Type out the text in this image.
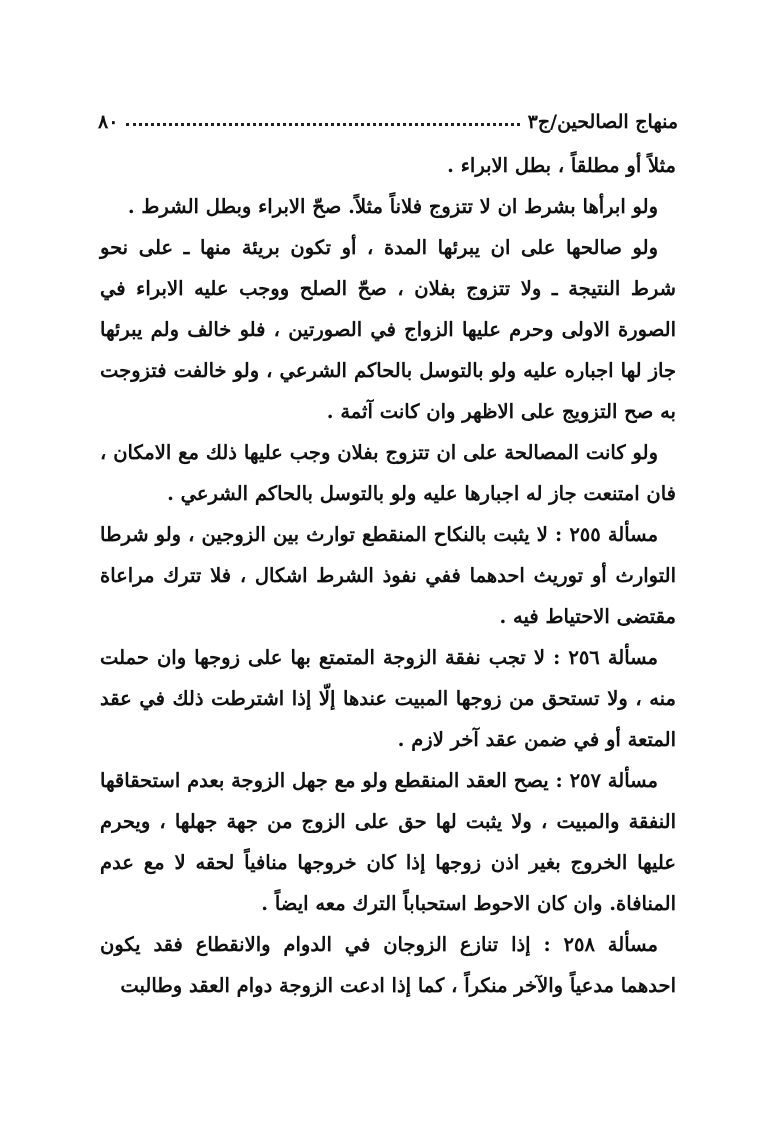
منهاج الصالحين/ج٣
٨٠

مثلاً أو مطلقاً ، بطل الابراء .

ولو ابرأها بشرط ان لا تتزوج فلاناً مثلاً. صحّ الابراء وبطل الشرط .

ولو صالحها على ان يبرئها المدة ، أو تكون بريئة منها ـ على نحو شرط النتيجة ـ ولا تتزوج بفلان ، صحّ الصلح ووجب عليه الابراء في الصورة الاولى وحرم عليها الزواج في الصورتين ، فلو خالف ولم يبرئها جاز لها اجباره عليه ولو بالتوسل بالحاكم الشرعي ، ولو خالفت فتزوجت به صح التزويج على الاظهر وان كانت آثمة .

ولو كانت المصالحة على ان تتزوج بفلان وجب عليها ذلك مع الامكان ، فان امتنعت جاز له اجبارها عليه ولو بالتوسل بالحاكم الشرعي .

مسألة ٢٥٥ : لا يثبت بالنكاح المنقطع توارث بين الزوجين ، ولو شرطا التوارث أو توريث احدهما ففي نفوذ الشرط اشكال ، فلا تترك مراعاة مقتضى الاحتياط فيه .

مسألة ٢٥٦ : لا تجب نفقة الزوجة المتمتع بها على زوجها وان حملت منه ، ولا تستحق من زوجها المبيت عندها إلّا إذا اشترطت ذلك في عقد المتعة أو في ضمن عقد آخر لازم .

مسألة ٢٥٧ : يصح العقد المنقطع ولو مع جهل الزوجة بعدم استحقاقها النفقة والمبيت ، ولا يثبت لها حق على الزوج من جهة جهلها ، ويحرم عليها الخروج بغير اذن زوجها إذا كان خروجها منافياً لحقه لا مع عدم المنافاة. وان كان الاحوط استحباباً الترك معه ايضاً .

مسألة ٢٥٨ : إذا تنازع الزوجان في الدوام والانقطاع فقد يكون احدهما مدعياً والآخر منكراً ، كما إذا ادعت الزوجة دوام العقد وطالبت
